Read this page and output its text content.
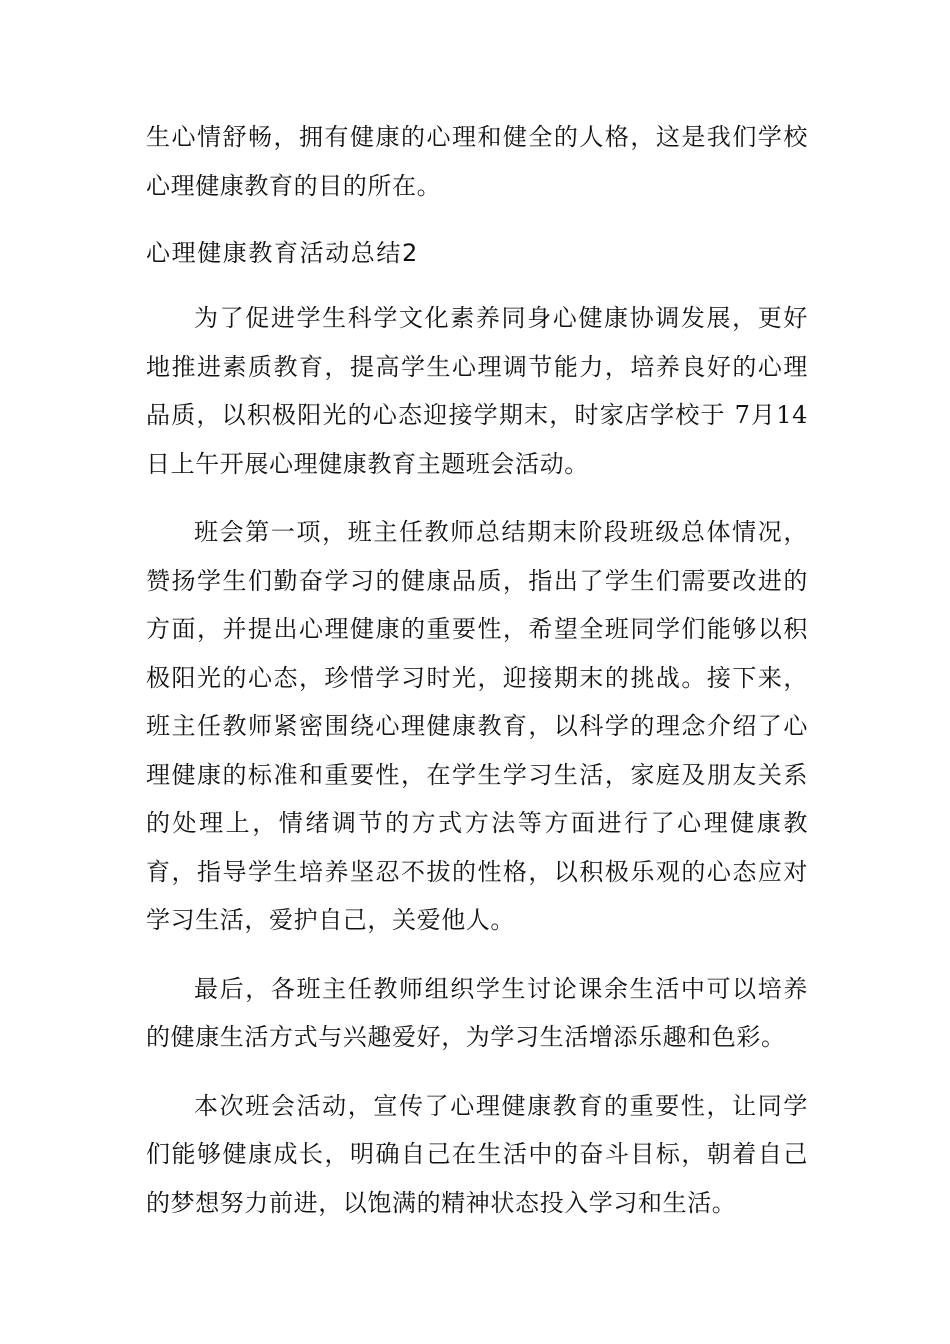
生心情舒畅，拥有健康的心理和健全的人格，这是我们学校心理健康教育的目的所在。

心理健康教育活动总结2

为了促进学生科学文化素养同身心健康协调发展，更好地推进素质教育，提高学生心理调节能力，培养良好的心理品质，以积极阳光的心态迎接学期末，时家店学校于 7月14日上午开展心理健康教育主题班会活动。

班会第一项，班主任教师总结期末阶段班级总体情况，赞扬学生们勤奋学习的健康品质，指出了学生们需要改进的方面，并提出心理健康的重要性，希望全班同学们能够以积极阳光的心态，珍惜学习时光，迎接期末的挑战。接下来，班主任教师紧密围绕心理健康教育，以科学的理念介绍了心理健康的标准和重要性，在学生学习生活，家庭及朋友关系的处理上，情绪调节的方式方法等方面进行了心理健康教育，指导学生培养坚忍不拔的性格，以积极乐观的心态应对学习生活，爱护自己，关爱他人。

最后，各班主任教师组织学生讨论课余生活中可以培养的健康生活方式与兴趣爱好，为学习生活增添乐趣和色彩。

本次班会活动，宣传了心理健康教育的重要性，让同学们能够健康成长，明确自己在生活中的奋斗目标，朝着自己的梦想努力前进，以饱满的精神状态投入学习和生活。
